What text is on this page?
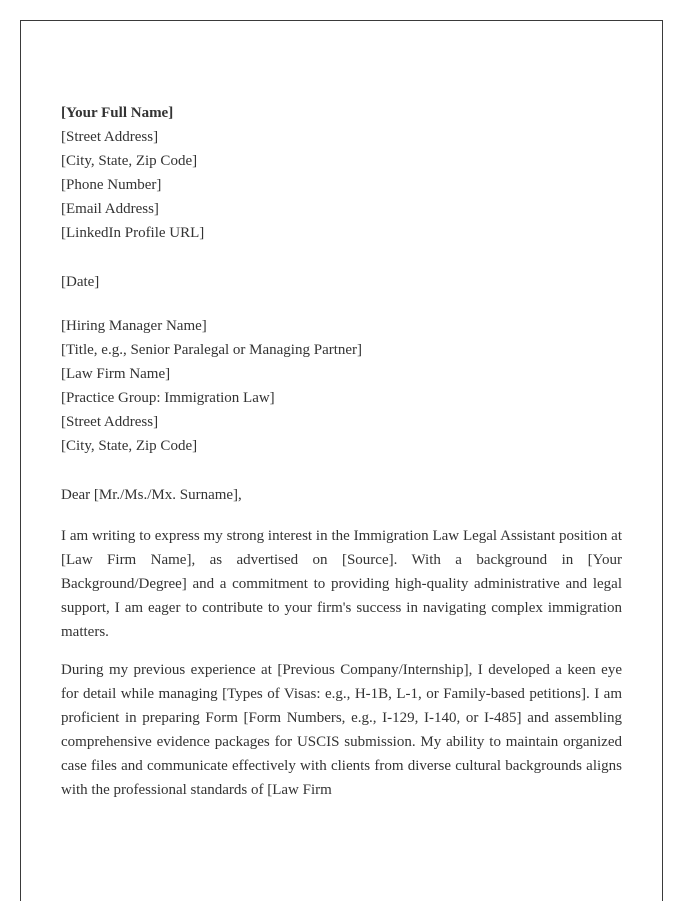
[Your Full Name]
[Street Address]
[City, State, Zip Code]
[Phone Number]
[Email Address]
[LinkedIn Profile URL]
[Date]
[Hiring Manager Name]
[Title, e.g., Senior Paralegal or Managing Partner]
[Law Firm Name]
[Practice Group: Immigration Law]
[Street Address]
[City, State, Zip Code]
Dear [Mr./Ms./Mx. Surname],
I am writing to express my strong interest in the Immigration Law Legal Assistant position at [Law Firm Name], as advertised on [Source]. With a background in [Your Background/Degree] and a commitment to providing high-quality administrative and legal support, I am eager to contribute to your firm's success in navigating complex immigration matters.
During my previous experience at [Previous Company/Internship], I developed a keen eye for detail while managing [Types of Visas: e.g., H-1B, L-1, or Family-based petitions]. I am proficient in preparing Form [Form Numbers, e.g., I-129, I-140, or I-485] and assembling comprehensive evidence packages for USCIS submission. My ability to maintain organized case files and communicate effectively with clients from diverse cultural backgrounds aligns with the professional standards of [Law Firm
